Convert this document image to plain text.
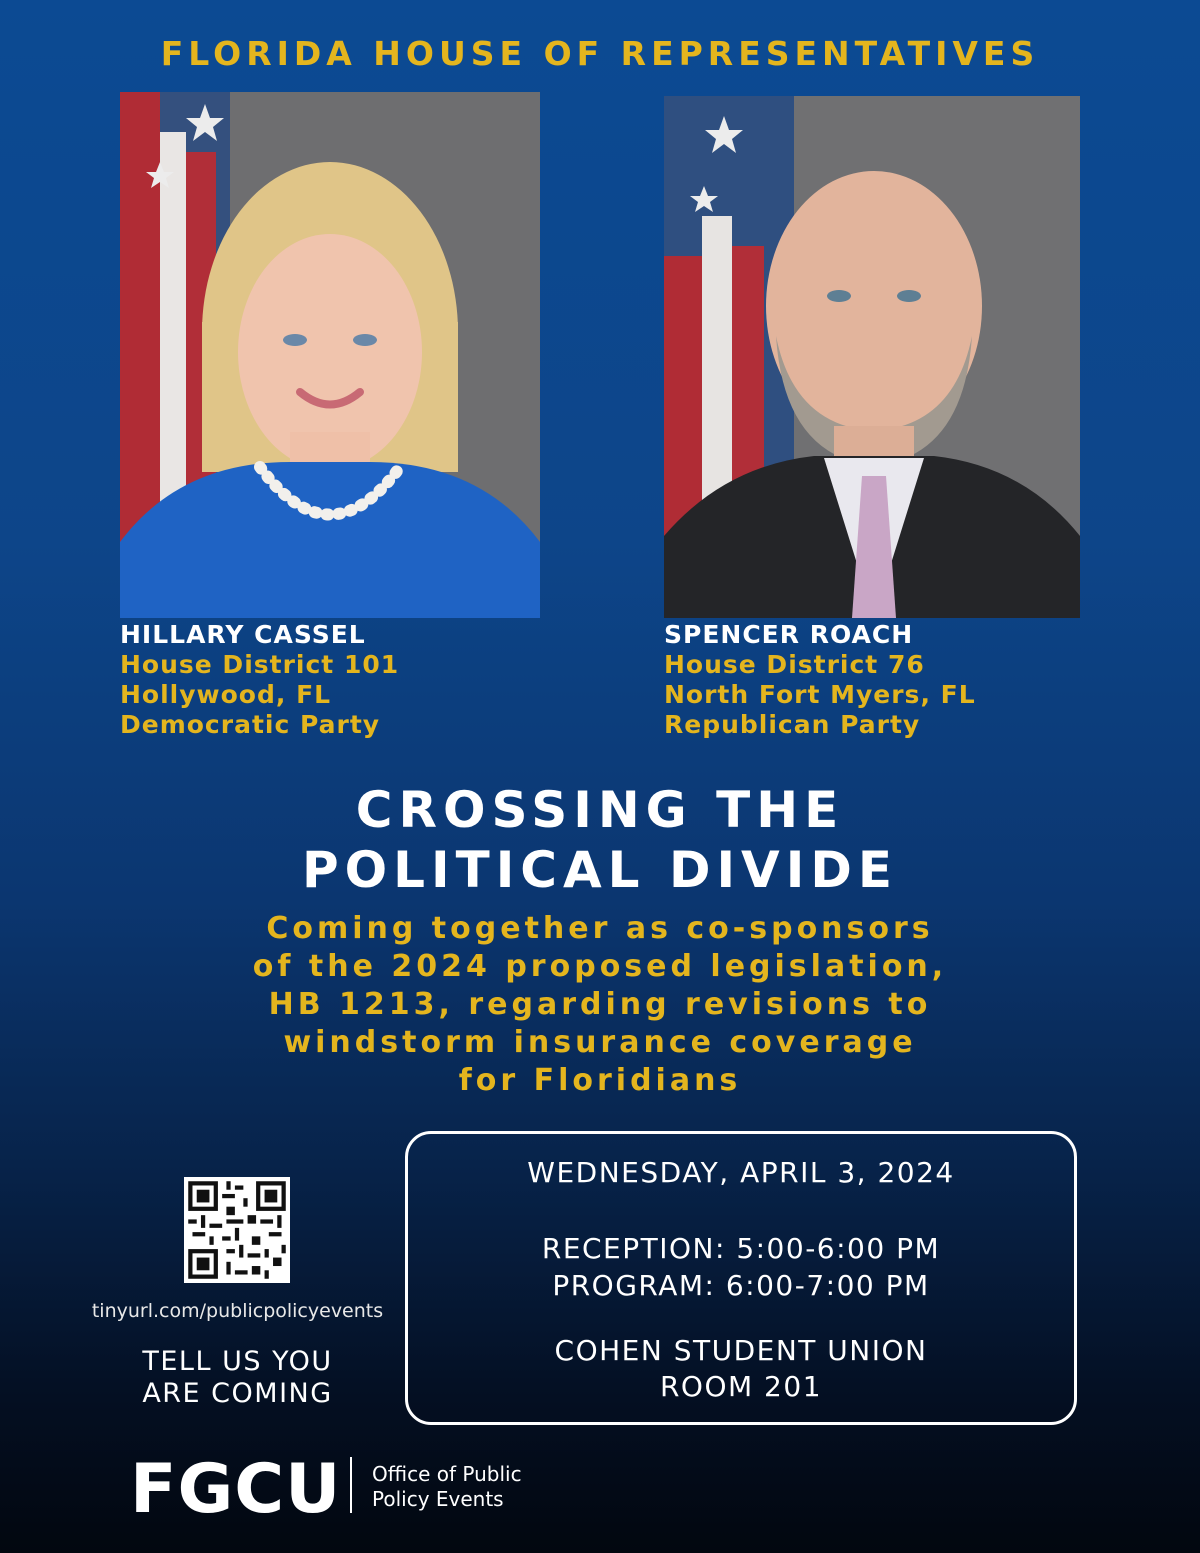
FLORIDA HOUSE OF REPRESENTATIVES
HILLARY CASSEL
House District 101
Hollywood, FL
Democratic Party
SPENCER ROACH
House District 76
North Fort Myers, FL
Republican Party
CROSSING THE
POLITICAL DIVIDE
Coming together as co-sponsors
of the 2024 proposed legislation,
HB 1213, regarding revisions to
windstorm insurance coverage
for Floridians
tinyurl.com/publicpolicyevents
TELL US YOU
ARE COMING
WEDNESDAY, APRIL 3, 2024
RECEPTION: 5:00-6:00 PM
PROGRAM: 6:00-7:00 PM
COHEN STUDENT UNION
ROOM 201
FGCU Office of Public
Policy Events
